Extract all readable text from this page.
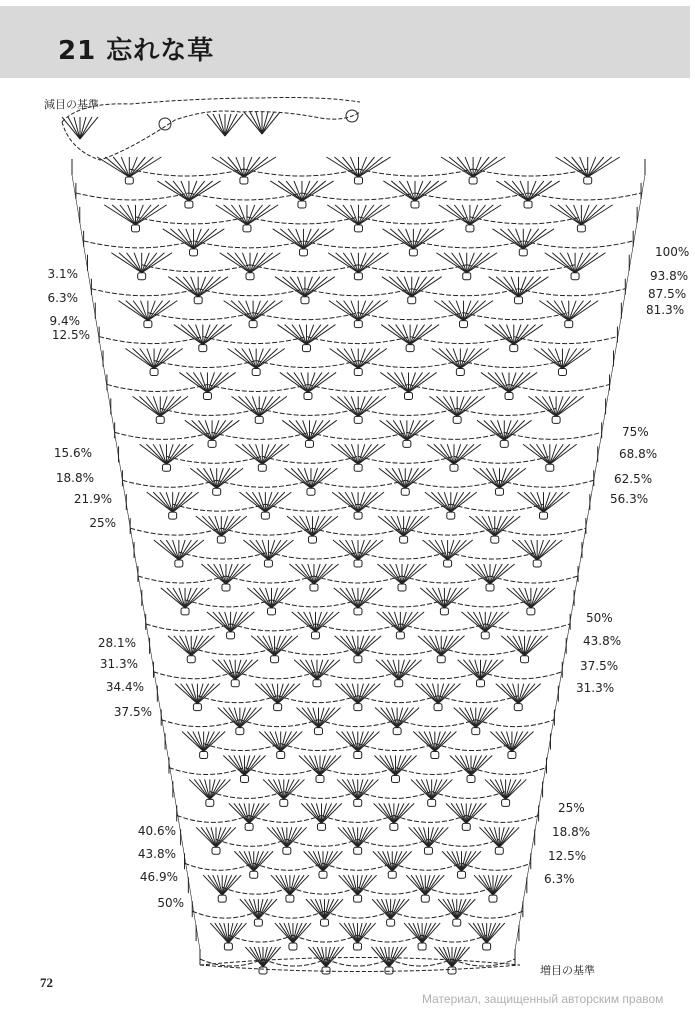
21 忘れな草
減目の基準
増目の基準
3.1%
6.3%
9.4%
12.5%
15.6%
18.8%
21.9%
25%
28.1%
31.3%
34.4%
37.5%
40.6%
43.8%
46.9%
50%
100%
93.8%
87.5%
81.3%
75%
68.8%
62.5%
56.3%
50%
43.8%
37.5%
31.3%
25%
18.8%
12.5%
6.3%
72
Материал, защищенный авторским правом
